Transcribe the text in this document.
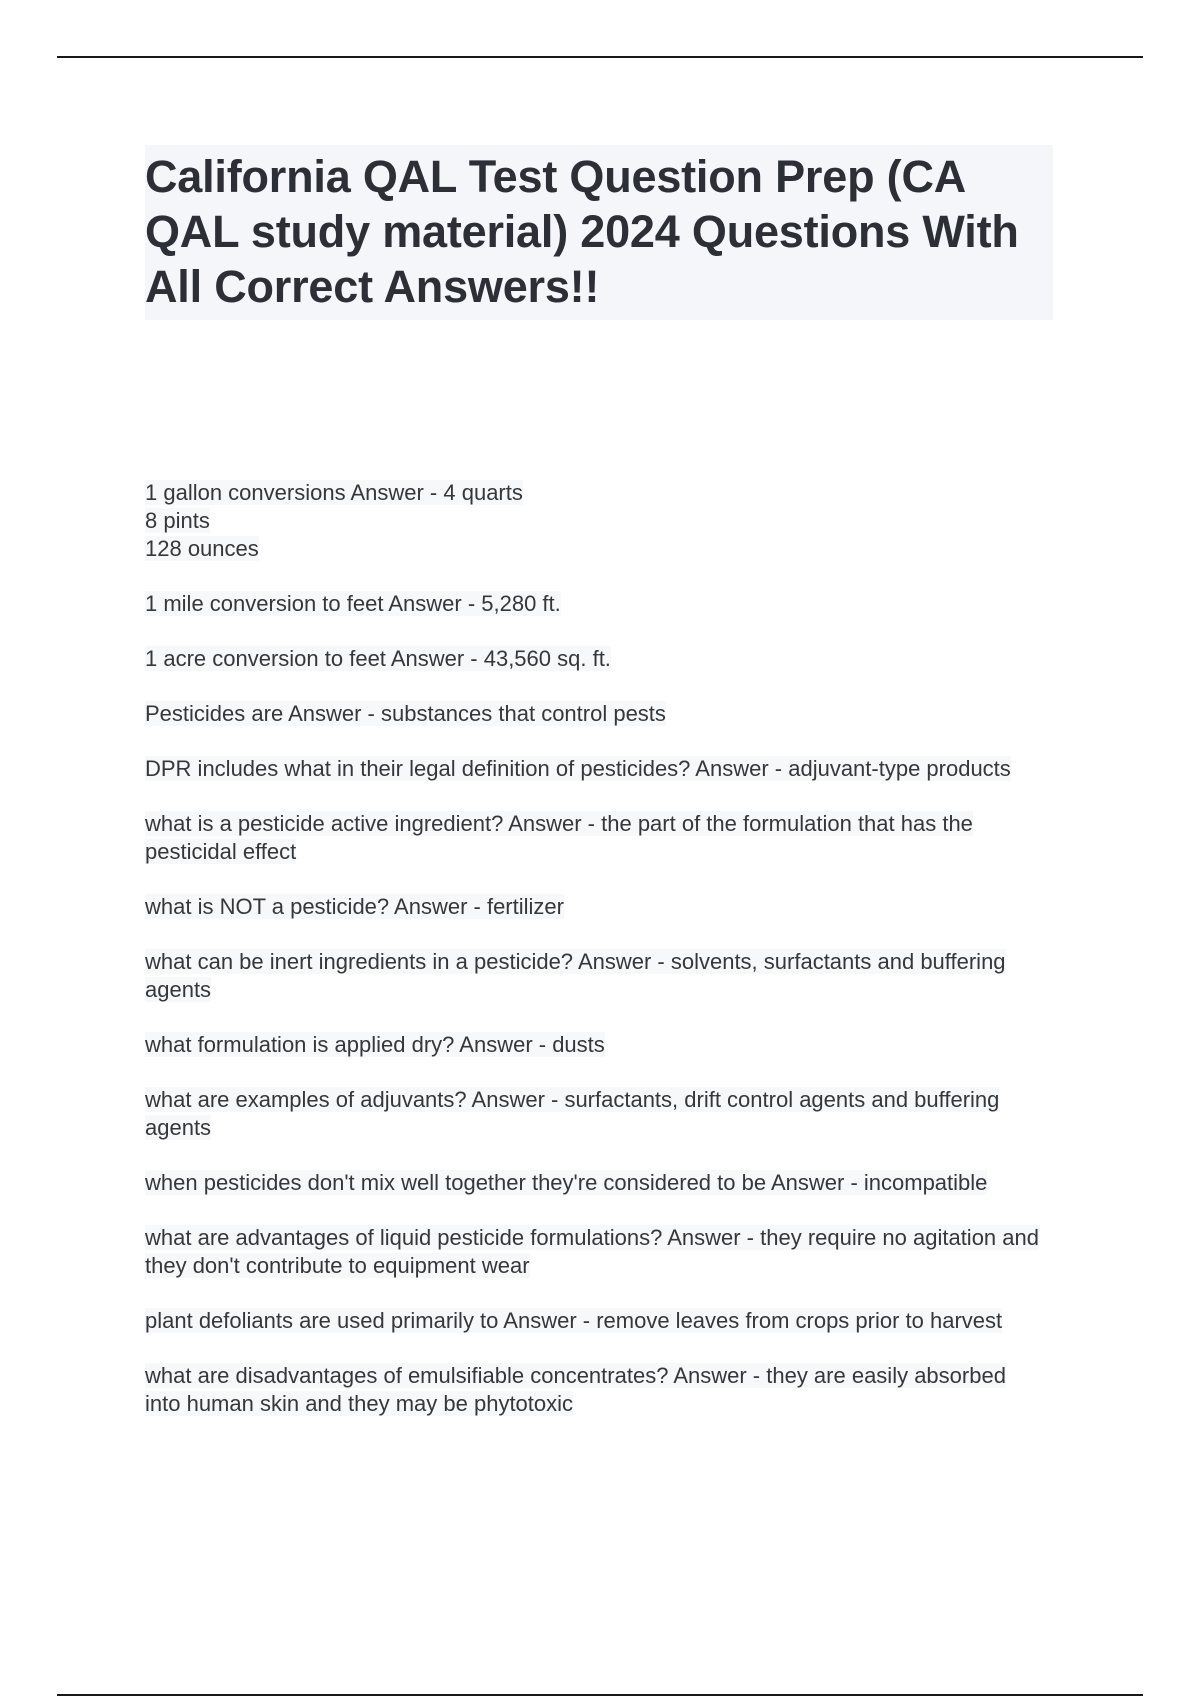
California QAL Test Question Prep (CA QAL study material) 2024 Questions With All Correct Answers!!

1 gallon conversions Answer - 4 quarts
8 pints
128 ounces

1 mile conversion to feet Answer - 5,280 ft.

1 acre conversion to feet Answer - 43,560 sq. ft.

Pesticides are Answer - substances that control pests

DPR includes what in their legal definition of pesticides? Answer - adjuvant-type products

what is a pesticide active ingredient? Answer - the part of the formulation that has the pesticidal effect

what is NOT a pesticide? Answer - fertilizer

what can be inert ingredients in a pesticide? Answer - solvents, surfactants and buffering agents

what formulation is applied dry? Answer - dusts

what are examples of adjuvants? Answer - surfactants, drift control agents and buffering agents

when pesticides don't mix well together they're considered to be Answer - incompatible

what are advantages of liquid pesticide formulations? Answer - they require no agitation and they don't contribute to equipment wear

plant defoliants are used primarily to Answer - remove leaves from crops prior to harvest

what are disadvantages of emulsifiable concentrates? Answer - they are easily absorbed into human skin and they may be phytotoxic
